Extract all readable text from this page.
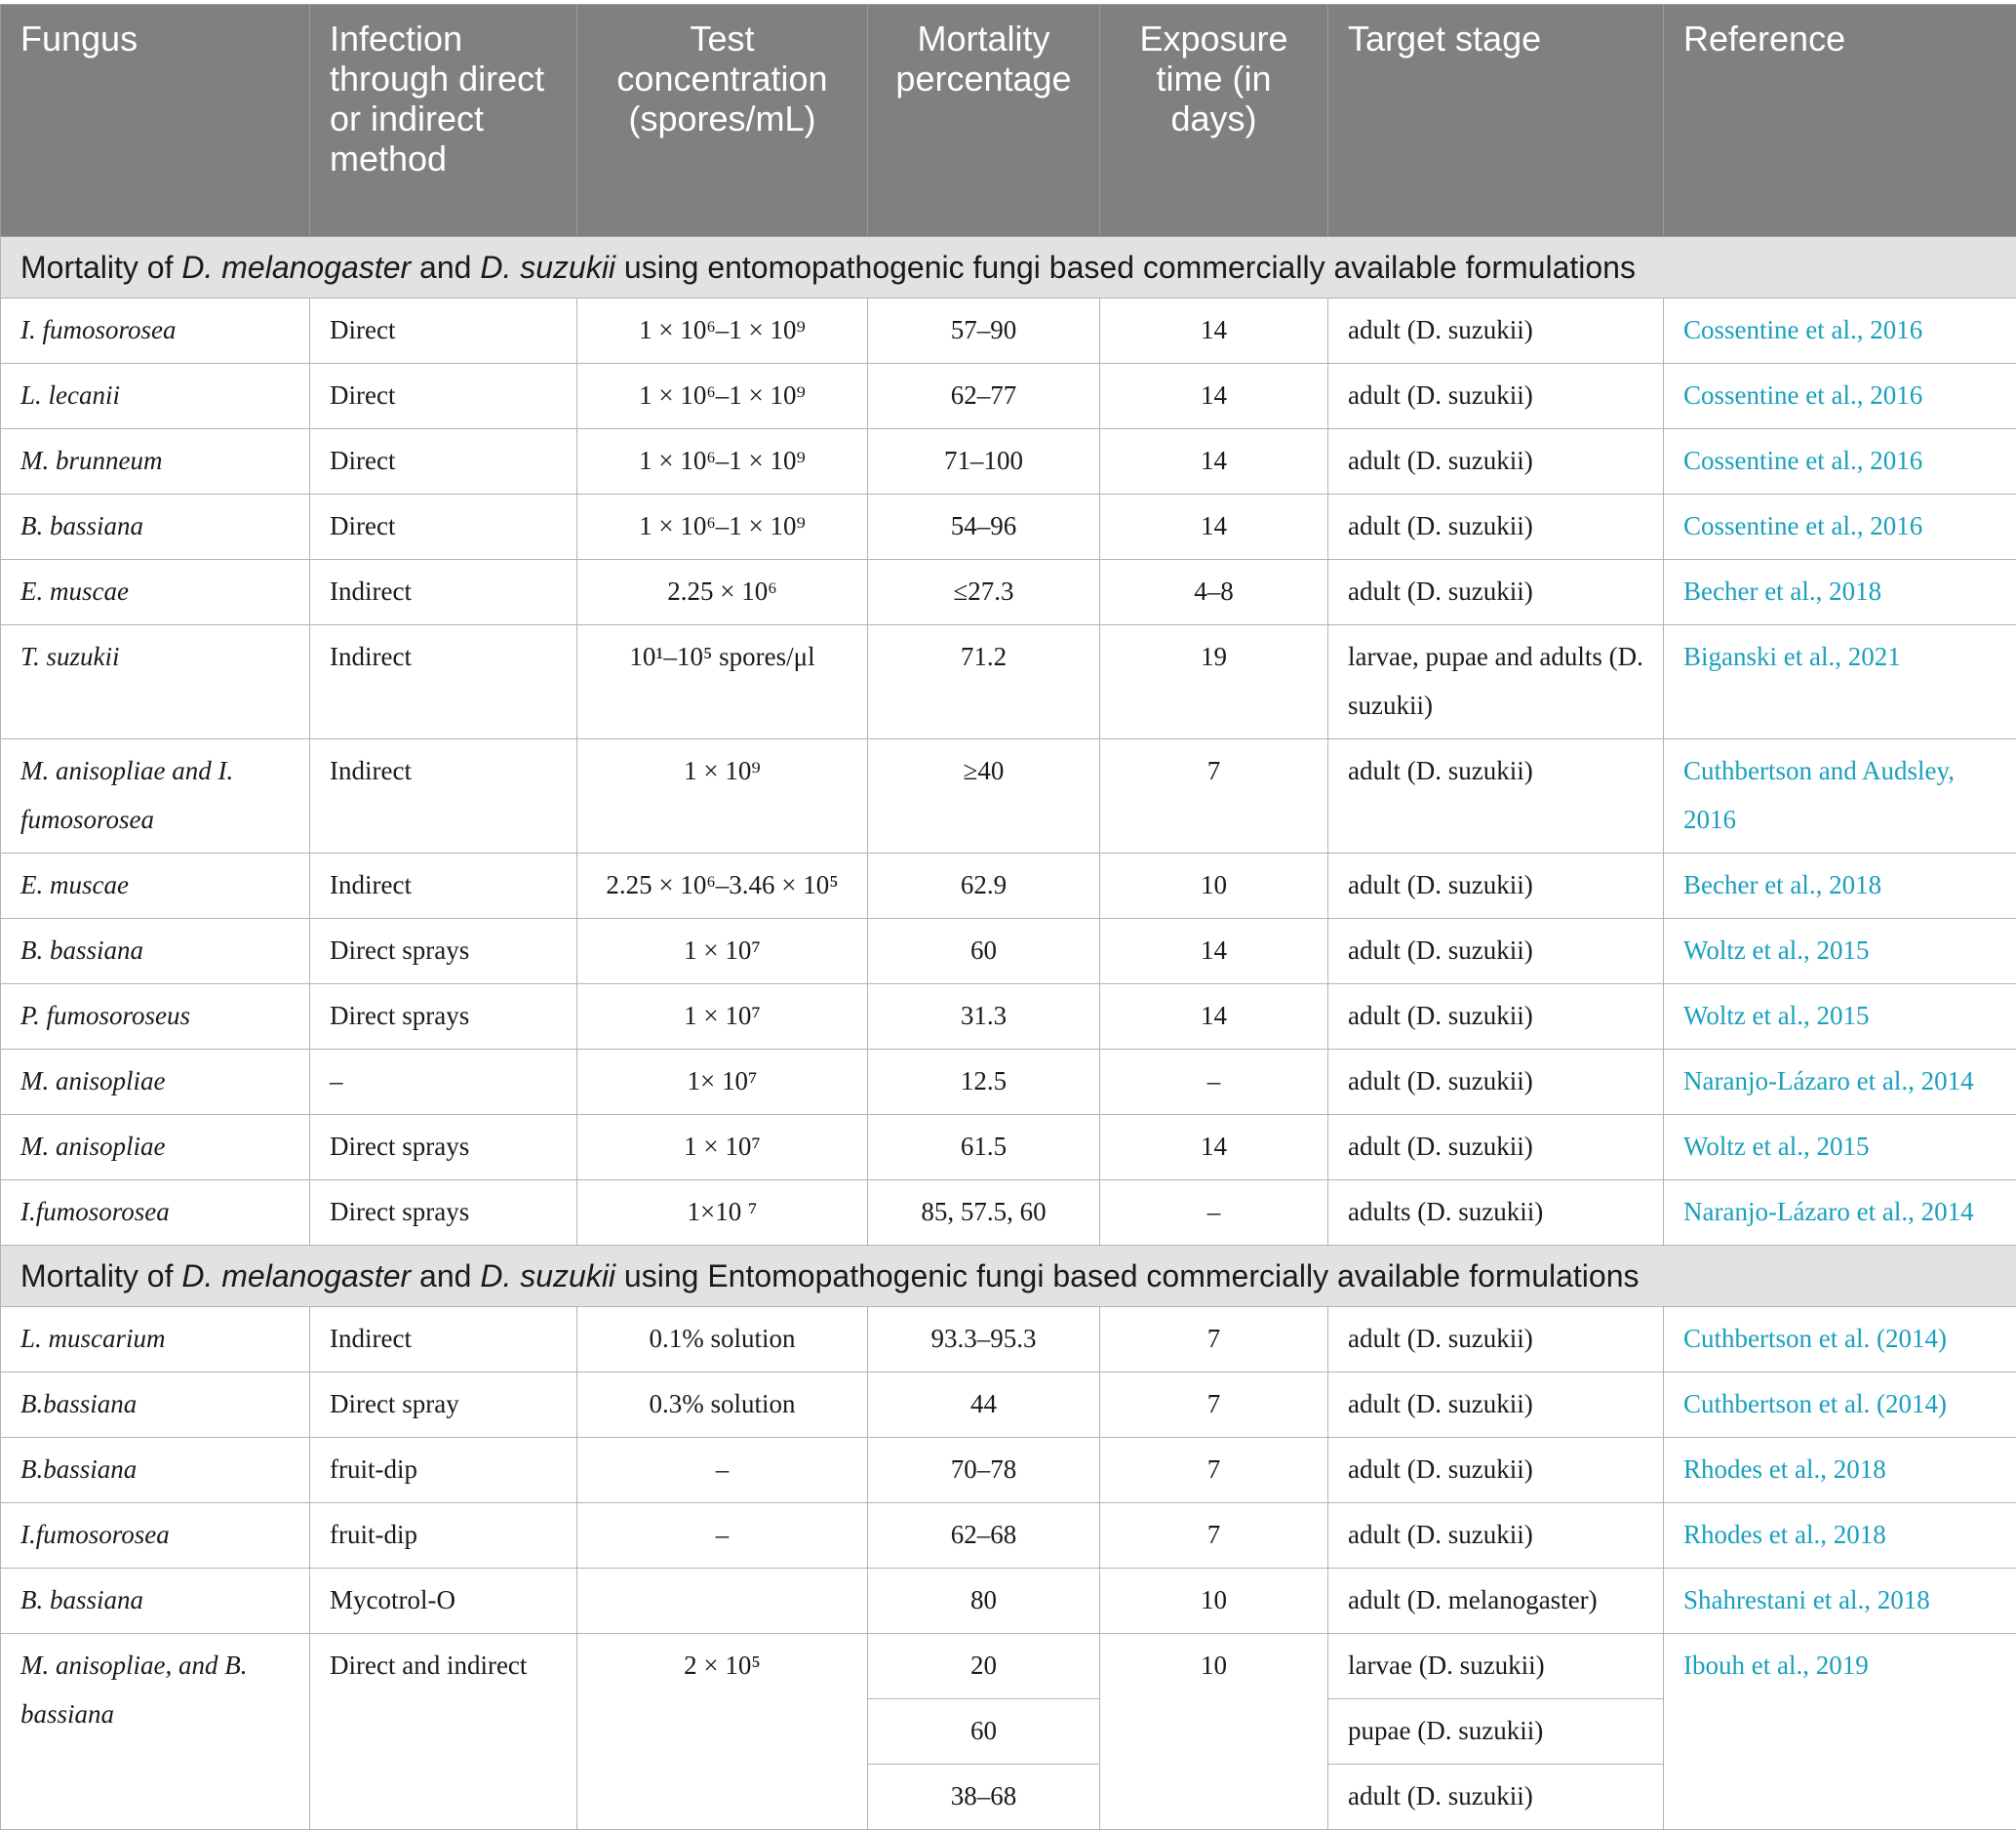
Fungus	Infection through direct or indirect method	Test concentration (spores/mL)	Mortality percentage	Exposure time (in days)	Target stage	Reference
Mortality of D. melanogaster and D. suzukii using entomopathogenic fungi based commercially available formulations						
I. fumosorosea	Direct	1 × 10⁶–1 × 10⁹	57–90	14	adult (D. suzukii)	Cossentine et al., 2016
L. lecanii	Direct	1 × 10⁶–1 × 10⁹	62–77	14	adult (D. suzukii)	Cossentine et al., 2016
M. brunneum	Direct	1 × 10⁶–1 × 10⁹	71–100	14	adult (D. suzukii)	Cossentine et al., 2016
B. bassiana	Direct	1 × 10⁶–1 × 10⁹	54–96	14	adult (D. suzukii)	Cossentine et al., 2016
E. muscae	Indirect	2.25 × 10⁶	≤27.3	4–8	adult (D. suzukii)	Becher et al., 2018
T. suzukii	Indirect	10¹–10⁵ spores/μl	71.2	19	larvae, pupae and adults (D. suzukii)	Biganski et al., 2021
M. anisopliae and I. fumosorosea	Indirect	1 × 10⁹	≥40	7	adult (D. suzukii)	Cuthbertson and Audsley, 2016
E. muscae	Indirect	2.25 × 10⁶–3.46 × 10⁵	62.9	10	adult (D. suzukii)	Becher et al., 2018
B. bassiana	Direct sprays	1 × 10⁷	60	14	adult (D. suzukii)	Woltz et al., 2015
P. fumosoroseus	Direct sprays	1 × 10⁷	31.3	14	adult (D. suzukii)	Woltz et al., 2015
M. anisopliae	–	1× 10⁷	12.5	–	adult (D. suzukii)	Naranjo-Lázaro et al., 2014
M. anisopliae	Direct sprays	1 × 10⁷	61.5	14	adult (D. suzukii)	Woltz et al., 2015
I.fumosorosea	Direct sprays	1×10 ⁷	85, 57.5, 60	–	adults (D. suzukii)	Naranjo-Lázaro et al., 2014
Mortality of D. melanogaster and D. suzukii using Entomopathogenic fungi based commercially available formulations						
L. muscarium	Indirect	0.1% solution	93.3–95.3	7	adult (D. suzukii)	Cuthbertson et al. (2014)
B.bassiana	Direct spray	0.3% solution	44	7	adult (D. suzukii)	Cuthbertson et al. (2014)
B.bassiana	fruit-dip	–	70–78	7	adult (D. suzukii)	Rhodes et al., 2018
I.fumosorosea	fruit-dip	–	62–68	7	adult (D. suzukii)	Rhodes et al., 2018
B. bassiana	Mycotrol-O		80	10	adult (D. melanogaster)	Shahrestani et al., 2018
M. anisopliae, and B. bassiana	Direct and indirect	2 × 10⁵	20	10	larvae (D. suzukii)	Ibouh et al., 2019
			60		pupae (D. suzukii)	
			38–68		adult (D. suzukii)	
